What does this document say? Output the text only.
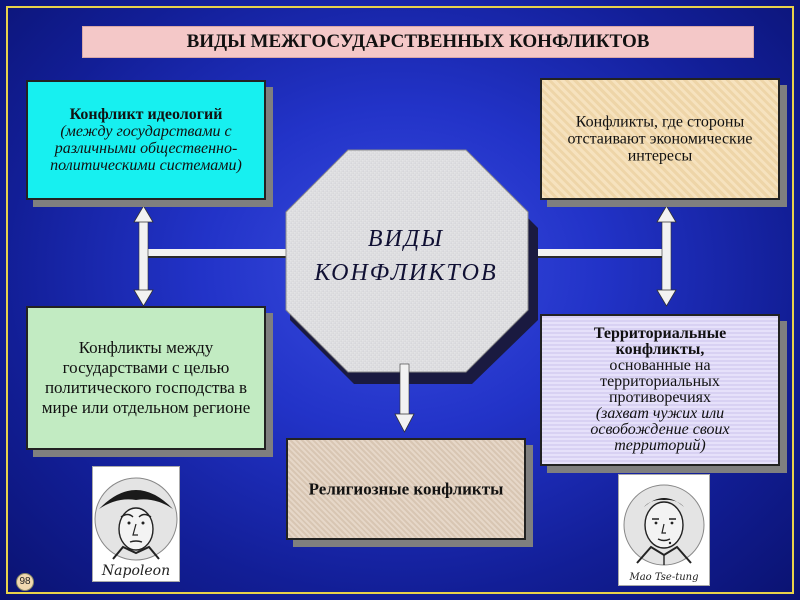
ВИДЫ МЕЖГОСУДАРСТВЕННЫХ КОНФЛИКТОВ
ВИДЫ
КОНФЛИКТОВ
Конфликт идеологий
(между государствами с различными общественно-политическими системами)
Конфликты, где стороны отстаивают экономические интересы
Конфликты между государствами с целью политического господства в мире или отдельном регионе
Территориальные конфликты,
основанные на территориальных противоречиях
(захват чужих или освобождение своих территорий)
Религиозные конфликты
Napoleon	Mao Tse-tung
98
